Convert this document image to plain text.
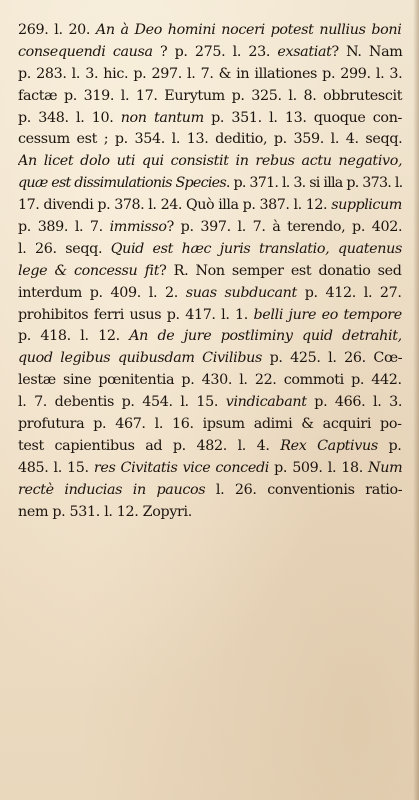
269. l. 20. An à Deo homini noceri potest nullius boni
consequendi causa ? p. 275. l. 23. exsatiat? N. Nam
p. 283. l. 3. hic. p. 297. l. 7. & in illationes p. 299. l. 3.
factæ p. 319. l. 17. Eurytum p. 325. l. 8. obbrutescit
p. 348. l. 10. non tantum p. 351. l. 13. quoque con-
cessum est ; p. 354. l. 13. deditio, p. 359. l. 4. seqq.
An licet dolo uti qui consistit in rebus actu negativo,
quæ est dissimulationis Species. p. 371. l. 3. si illa p. 373. l.
17. divendi p. 378. l. 24. Quò illa p. 387. l. 12. supplicum
p. 389. l. 7. immisso? p. 397. l. 7. à terendo, p. 402.
l. 26. seqq. Quid est hæc juris translatio, quatenus
lege & concessu fit? R. Non semper est donatio sed
interdum p. 409. l. 2. suas subducant p. 412. l. 27.
prohibitos ferri usus p. 417. l. 1. belli jure eo tempore
p. 418. l. 12. An de jure postliminy quid detrahit,
quod legibus quibusdam Civilibus p. 425. l. 26. Cœ-
lestæ sine pœnitentia p. 430. l. 22. commoti p. 442.
l. 7. debentis p. 454. l. 15. vindicabant p. 466. l. 3.
profutura p. 467. l. 16. ipsum adimi & acquiri po-
test capientibus ad p. 482. l. 4. Rex Captivus p.
485. l. 15. res Civitatis vice concedi p. 509. l. 18. Num
rectè inducias in paucos l. 26. conventionis ratio-
nem p. 531. l. 12. Zopyri.
